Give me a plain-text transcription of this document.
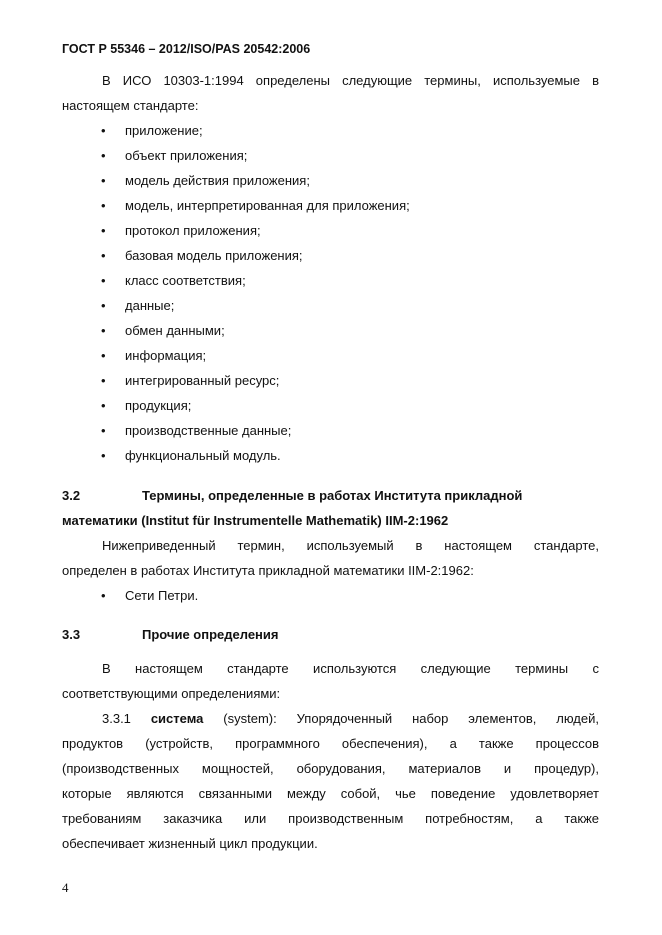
ГОСТ Р 55346 – 2012/ISO/PAS 20542:2006

В ИСО 10303-1:1994 определены следующие термины, используемые в

настоящем стандарте:

• приложение;
• объект приложения;
• модель действия приложения;
• модель, интерпретированная для приложения;
• протокол приложения;
• базовая модель приложения;
• класс соответствия;
• данные;
• обмен данными;
• информация;
• интегрированный ресурс;
• продукция;
• производственные данные;
• функциональный модуль.

3.2	Термины, определенные в работах Института прикладной

математики (Institut für Instrumentelle Mathematik) IIM-2:1962

Нижеприведенный термин, используемый в настоящем стандарте,

определен в работах Института прикладной математики IIM-2:1962:

• Сети Петри.

3.3	Прочие определения

В настоящем стандарте используются следующие термины с

соответствующими определениями:

3.3.1 система (system): Упорядоченный набор элементов, людей,

продуктов (устройств, программного обеспечения), а также процессов

(производственных мощностей, оборудования, материалов и процедур),

которые являются связанными между собой, чье поведение удовлетворяет

требованиям заказчика или производственным потребностям, а также

обеспечивает жизненный цикл продукции.

4
